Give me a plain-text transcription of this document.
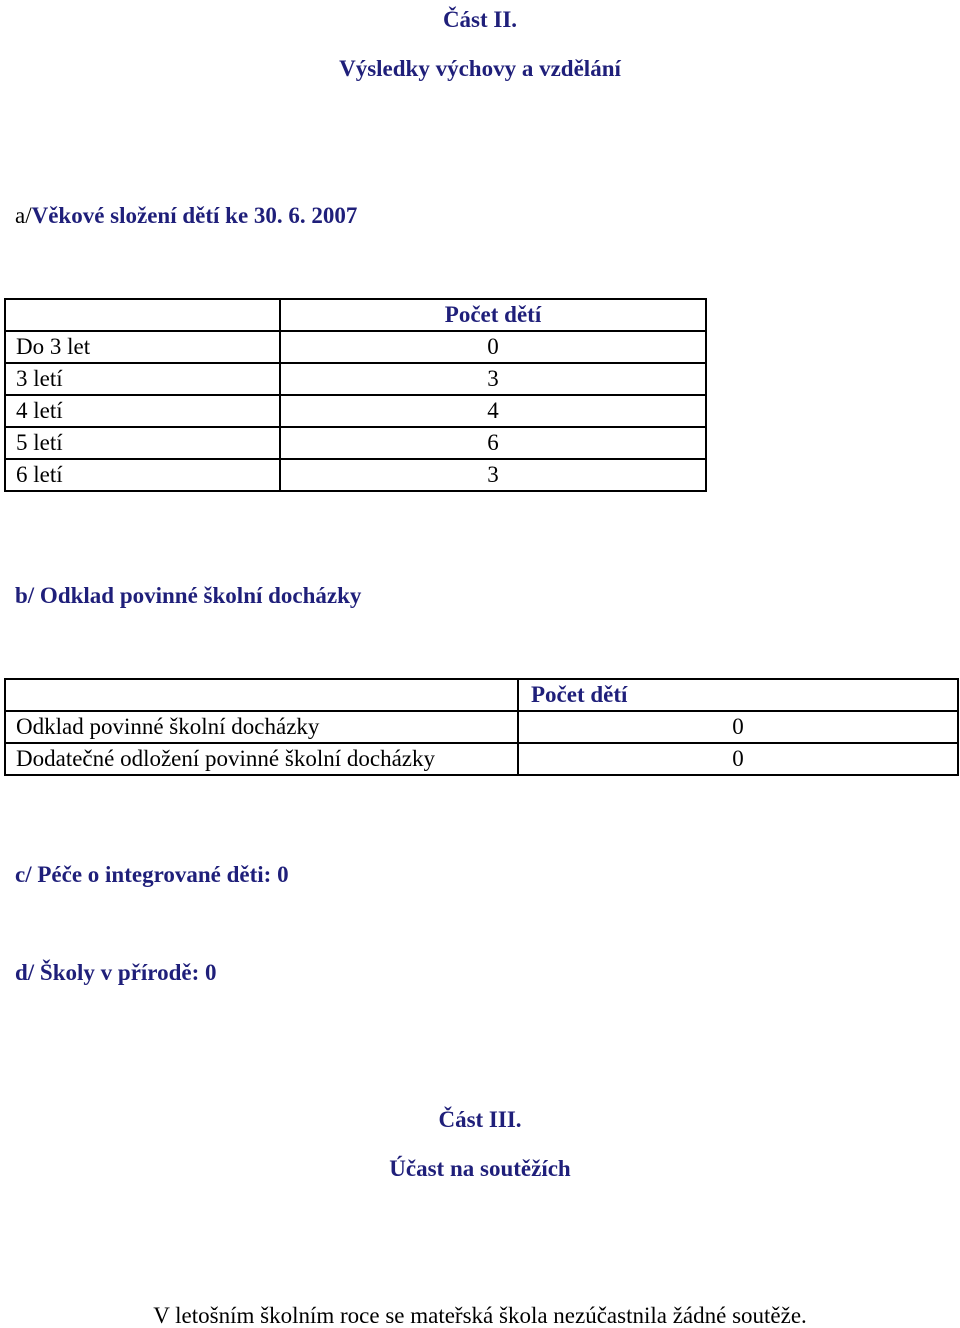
Část II.
Výsledky výchovy a vzdělání
a/Věkové složení dětí ke 30. 6. 2007
	Počet dětí
Do 3 let	0
3 letí	3
4 letí	4
5 letí	6
6 letí	3
b/ Odklad povinné školní docházky
	Počet dětí
Odklad povinné školní docházky	0
Dodatečné odložení povinné školní docházky	0
c/ Péče o integrované děti: 0
d/ Školy v přírodě: 0
Část III.
Účast na soutěžích
V letošním školním roce se mateřská škola nezúčastnila žádné soutěže.
